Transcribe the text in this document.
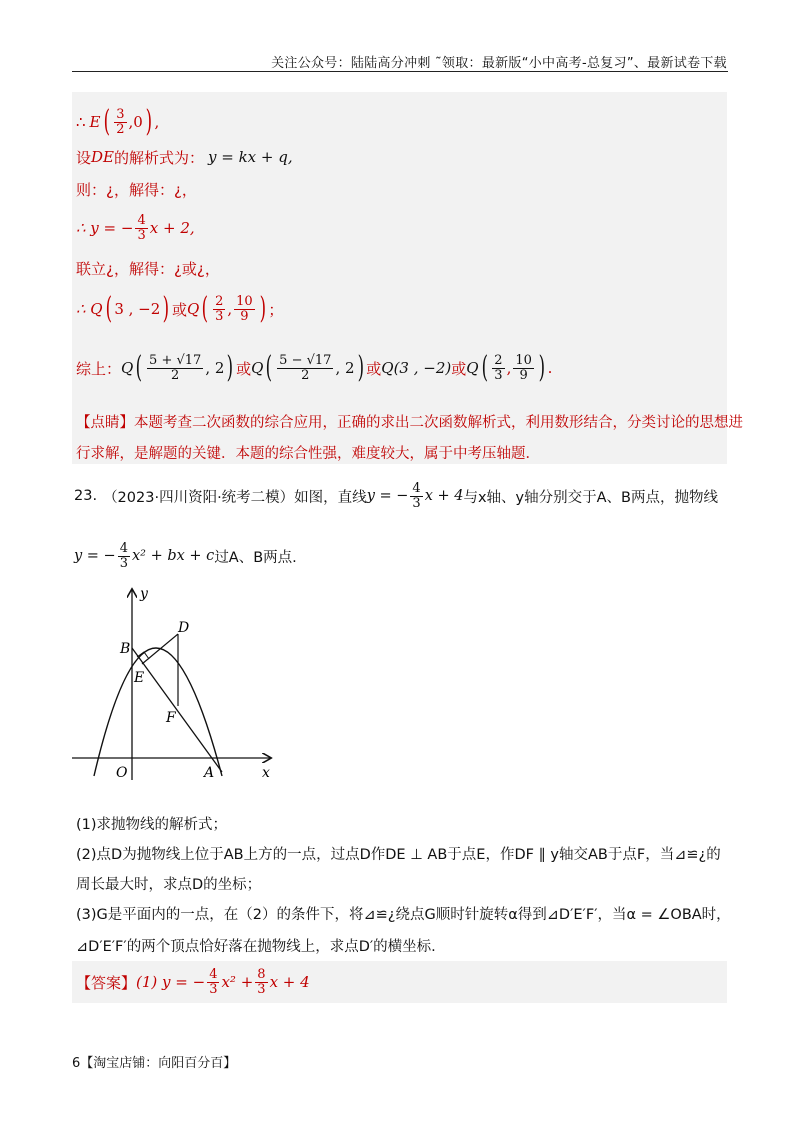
关注公众号：陆陆高分冲刺 ˜领取：最新版“小中高考-总复习”、最新试卷下载
∴ E ( $\frac{3}{2} ,0$ ) ,
设 DE 的解析式为： y = kx + q,
则：¿，解得：¿，
∴ y = − $\frac{4}{3}$ x + 2,
联立¿，解得：¿或¿，
∴ Q ( 3 , −2 ) 或 Q ( $\frac{2}{3}$ , $\frac{10}{9}$ ) ；
综上： Q ( $\frac{5 + √17}{2}$ , 2 ) 或 Q ( $\frac{5 - √17}{2}$ , 2 ) 或 Q(3 , −2) 或 Q ( $\frac{2}{3}$ , $\frac{10}{9}$ ) .
【点睛】 本题考查二次函数的综合应用，正确的求出二次函数解析式，利用数形结合，分类讨论的思想进
行求解，是解题的关键．本题的综合性强，难度较大，属于中考压轴题．
23. （2023·四川资阳·统考二模）如图，直线 y = − $\frac{4}{3}$ x + 4 与x轴、y轴分别交于A、B两点，抛物线
y = − $\frac{4}{3} x^2$ + bx + c 过A、B两点.
y
x
O	A
B
D
E
F
(1)求抛物线的解析式；
(2)点D为抛物线上位于AB上方的一点，过点D作DE ⊥ AB于点E，作DF ∥ y轴交AB于点F，当⊿≌¿的
周长最大时，求点D的坐标；
(3)G是平面内的一点，在（2）的条件下，将⊿≌¿绕点G顺时针旋转α得到⊿D′E′F′，当α = ∠OBA时，
⊿D′E′F′的两个顶点恰好落在抛物线上，求点D′的横坐标.
【答案】 (1) y = − $\frac{4}{3} x^2 + \frac{8}{3}$ x + 4
6【淘宝店铺：向阳百分百】
